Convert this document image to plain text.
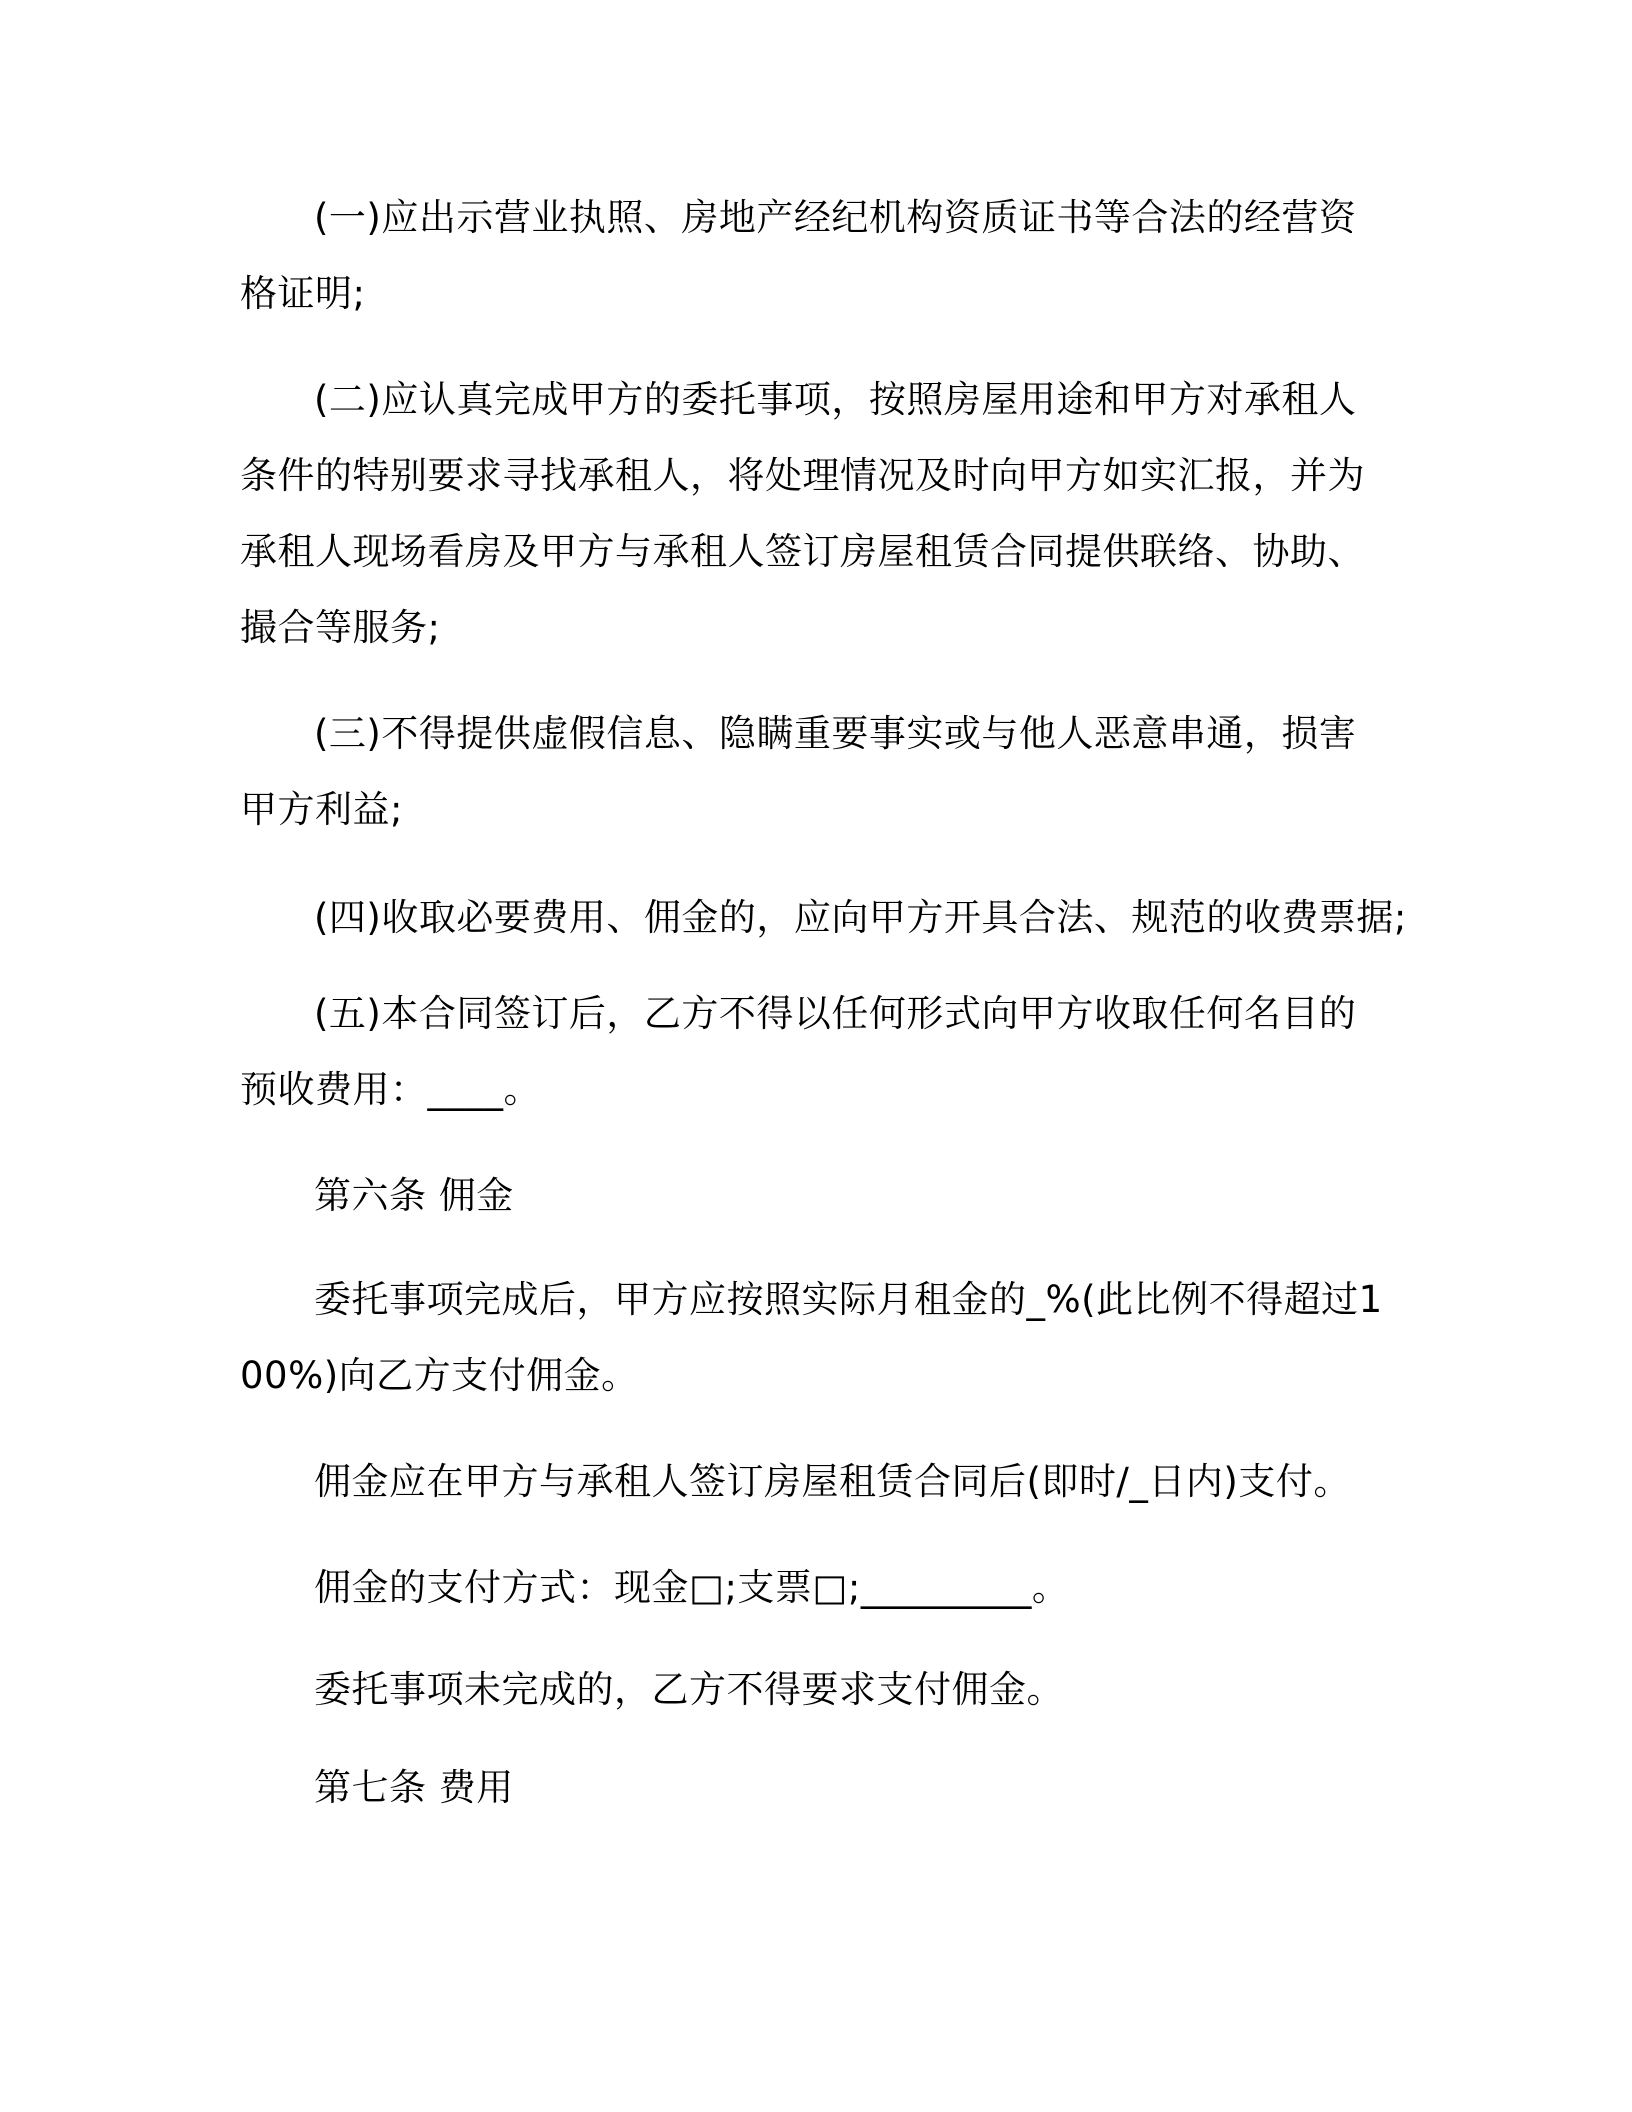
(一)应出示营业执照、房地产经纪机构资质证书等合法的经营资格证明;

(二)应认真完成甲方的委托事项，按照房屋用途和甲方对承租人条件的特别要求寻找承租人，将处理情况及时向甲方如实汇报，并为承租人现场看房及甲方与承租人签订房屋租赁合同提供联络、协助、撮合等服务;

(三)不得提供虚假信息、隐瞒重要事实或与他人恶意串通，损害甲方利益;

(四)收取必要费用、佣金的，应向甲方开具合法、规范的收费票据;

(五)本合同签订后，乙方不得以任何形式向甲方收取任何名目的预收费用：____。

第六条 佣金

委托事项完成后，甲方应按照实际月租金的_%(此比例不得超过100%)向乙方支付佣金。

佣金应在甲方与承租人签订房屋租赁合同后(即时/_日内)支付。

佣金的支付方式：现金□;支票□;_________。

委托事项未完成的，乙方不得要求支付佣金。

第七条 费用
